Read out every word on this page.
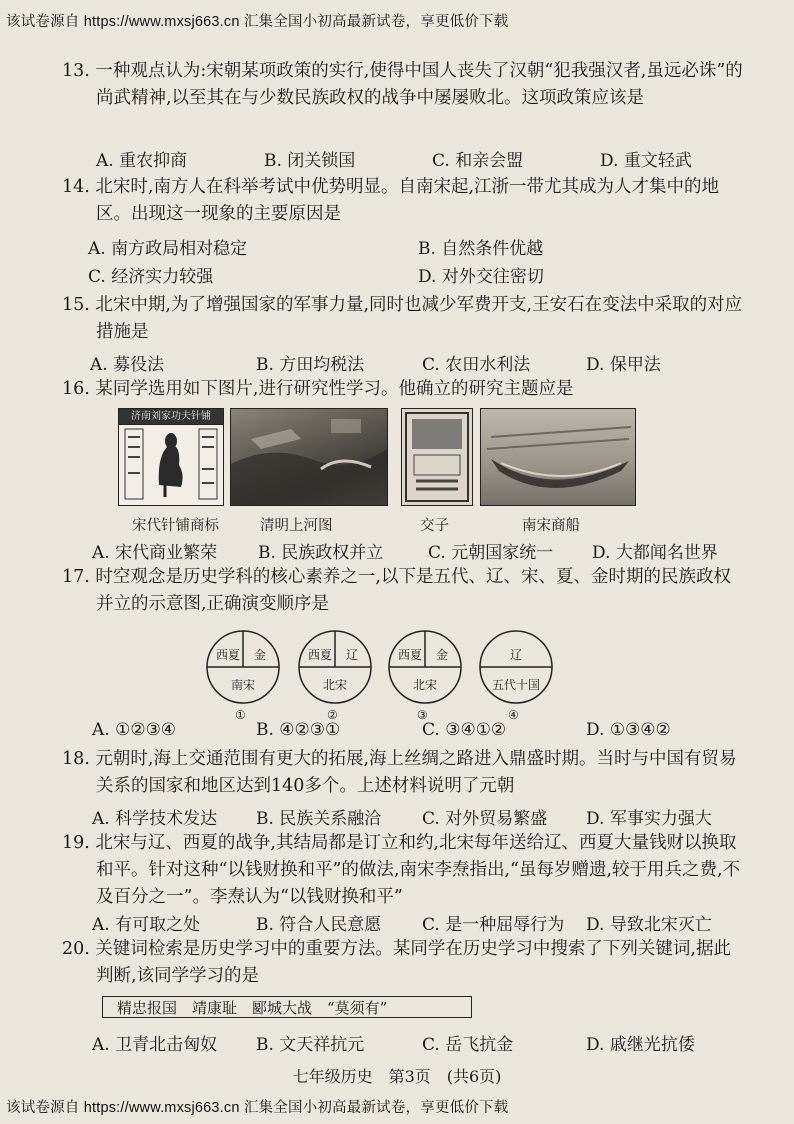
该试卷源自 https://www.mxsj663.cn 汇集全国小初高最新试卷，享更低价下载
13. 一种观点认为:宋朝某项政策的实行,使得中国人丧失了汉朝“犯我强汉者,虽远必诛”的尚武精神,以至其在与少数民族政权的战争中屡屡败北。这项政策应该是
A. 重农抑商	B. 闭关锁国	C. 和亲会盟	D. 重文轻武
14. 北宋时,南方人在科举考试中优势明显。自南宋起,江浙一带尤其成为人才集中的地区。出现这一现象的主要原因是
A. 南方政局相对稳定	B. 自然条件优越
C. 经济实力较强	D. 对外交往密切
15. 北宋中期,为了增强国家的军事力量,同时也减少军费开支,王安石在变法中采取的对应措施是
A. 募役法	B. 方田均税法	C. 农田水利法	D. 保甲法
16. 某同学选用如下图片,进行研究性学习。他确立的研究主题应是
济南刘家功夫针铺
宋代针铺商标	清明上河图	交子	南宋商船
A. 宋代商业繁荣	B. 民族政权并立	C. 元朝国家统一	D. 大都闻名世界
17. 时空观念是历史学科的核心素养之一,以下是五代、辽、宋、夏、金时期的民族政权并立的示意图,正确演变顺序是
西夏 金
南宋
①
西夏 辽
北宋
②
西夏 金
北宋
③
辽
五代十国
④
A. ①②③④	B. ④②③①	C. ③④①②	D. ①③④②
18. 元朝时,海上交通范围有更大的拓展,海上丝绸之路进入鼎盛时期。当时与中国有贸易关系的国家和地区达到140多个。上述材料说明了元朝
A. 科学技术发达	B. 民族关系融洽	C. 对外贸易繁盛	D. 军事实力强大
19. 北宋与辽、西夏的战争,其结局都是订立和约,北宋每年送给辽、西夏大量钱财以换取和平。针对这种“以钱财换和平”的做法,南宋李焘指出,“虽每岁赠遗,较于用兵之费,不及百分之一”。李焘认为“以钱财换和平”
A. 有可取之处	B. 符合人民意愿	C. 是一种屈辱行为	D. 导致北宋灭亡
20. 关键词检索是历史学习中的重要方法。某同学在历史学习中搜索了下列关键词,据此判断,该同学学习的是
精忠报国　靖康耻　郾城大战　“莫须有”
A. 卫青北击匈奴	B. 文天祥抗元	C. 岳飞抗金	D. 戚继光抗倭
七年级历史　第3页　(共6页)
该试卷源自 https://www.mxsj663.cn 汇集全国小初高最新试卷，享更低价下载
